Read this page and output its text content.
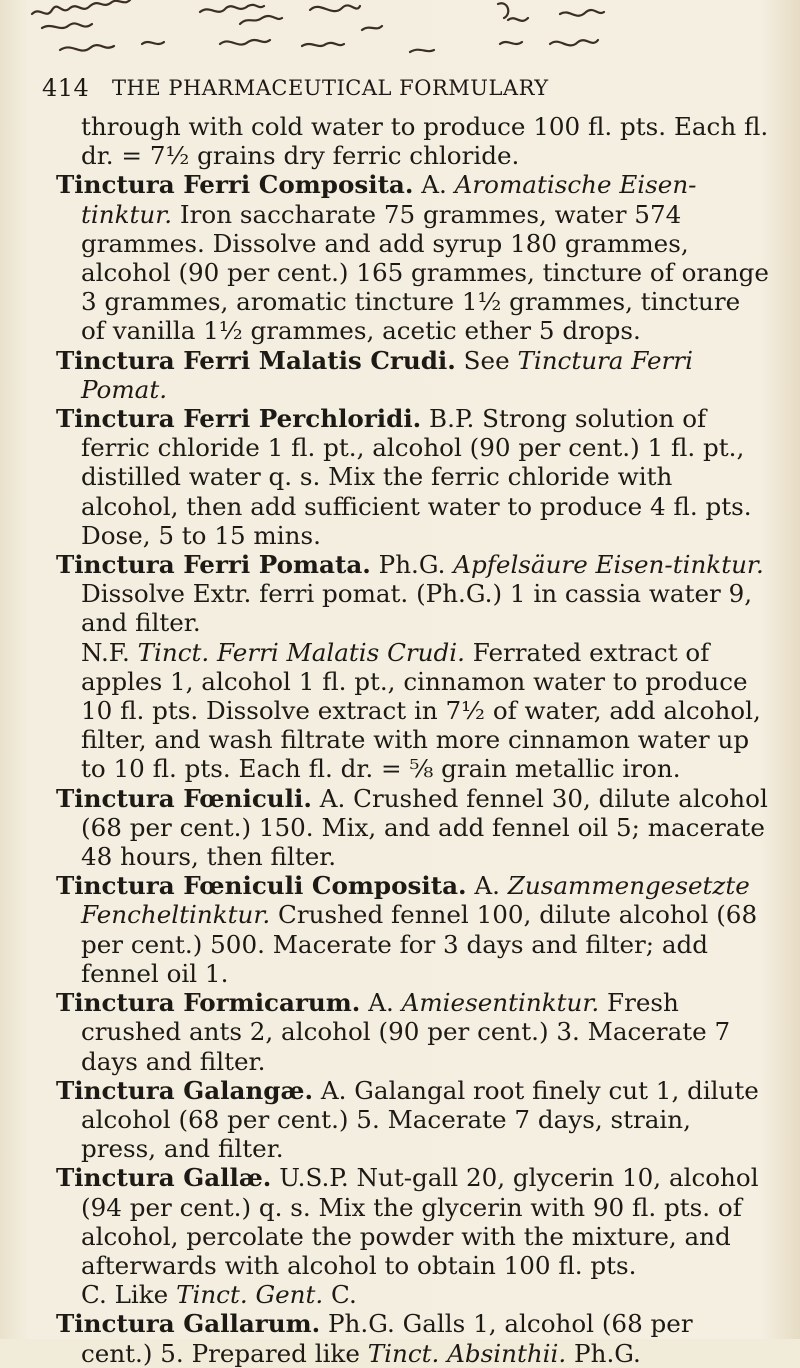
414 THE PHARMACEUTICAL FORMULARY

through with cold water to produce 100 fl. pts. Each fl. dr. = 7½ grains dry ferric chloride.

Tinctura Ferri Composita. A. Aromatische Eisen-tinktur. Iron saccharate 75 grammes, water 574 grammes. Dissolve and add syrup 180 grammes, alcohol (90 per cent.) 165 grammes, tincture of orange 3 grammes, aromatic tincture 1½ grammes, tincture of vanilla 1½ grammes, acetic ether 5 drops.

Tinctura Ferri Malatis Crudi. See Tinctura Ferri Pomat.

Tinctura Ferri Perchloridi. B.P. Strong solution of ferric chloride 1 fl. pt., alcohol (90 per cent.) 1 fl. pt., distilled water q. s. Mix the ferric chloride with alcohol, then add sufficient water to produce 4 fl. pts. Dose, 5 to 15 mins.

Tinctura Ferri Pomata. Ph.G. Apfelsäure Eisen-tinktur. Dissolve Extr. ferri pomat. (Ph.G.) 1 in cassia water 9, and filter.

N.F. Tinct. Ferri Malatis Crudi. Ferrated extract of apples 1, alcohol 1 fl. pt., cinnamon water to produce 10 fl. pts. Dissolve extract in 7½ of water, add alcohol, filter, and wash filtrate with more cinnamon water up to 10 fl. pts. Each fl. dr. = ⅝ grain metallic iron.

Tinctura Fœniculi. A. Crushed fennel 30, dilute alcohol (68 per cent.) 150. Mix, and add fennel oil 5; macerate 48 hours, then filter.

Tinctura Fœniculi Composita. A. Zusammengesetzte Fencheltinktur. Crushed fennel 100, dilute alcohol (68 per cent.) 500. Macerate for 3 days and filter; add fennel oil 1.

Tinctura Formicarum. A. Amiesentinktur. Fresh crushed ants 2, alcohol (90 per cent.) 3. Macerate 7 days and filter.

Tinctura Galangæ. A. Galangal root finely cut 1, dilute alcohol (68 per cent.) 5. Macerate 7 days, strain, press, and filter.

Tinctura Gallæ. U.S.P. Nut-gall 20, glycerin 10, alcohol (94 per cent.) q. s. Mix the glycerin with 90 fl. pts. of alcohol, percolate the powder with the mixture, and afterwards with alcohol to obtain 100 fl. pts.

C. Like Tinct. Gent. C.

Tinctura Gallarum. Ph.G. Galls 1, alcohol (68 per cent.) 5. Prepared like Tinct. Absinthii. Ph.G.
